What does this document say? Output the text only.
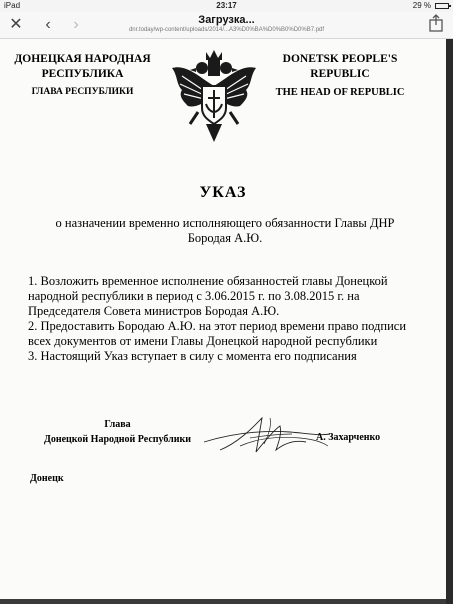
iPad	23:17	29 %
✕	‹	›	Загрузка...
dnr.today/wp-content/uploads/2014/...A3%D0%BA%D0%B0%D0%B7.pdf
ДОНЕЦКАЯ НАРОДНАЯ
РЕСПУБЛИКА
ГЛАВА РЕСПУБЛИКИ
DONETSK PEOPLE'S
REPUBLIC
THE HEAD OF REPUBLIC
УКАЗ
о назначении временно исполняющего обязанности Главы ДНР
Бородая А.Ю.

1. Возложить временное исполнение обязанностей главы Донецкой народной республики в период с 3.06.2015 г. по 3.08.2015 г. на Председателя Совета министров Бородая А.Ю.

2. Предоставить Бородаю А.Ю. на этот период времени право подписи всех документов от имени Главы Донецкой народной республики

3. Настоящий Указ вступает в силу с момента его подписания

Глава
Донецкой Народной Республики	А. Захарченко
Донецк
